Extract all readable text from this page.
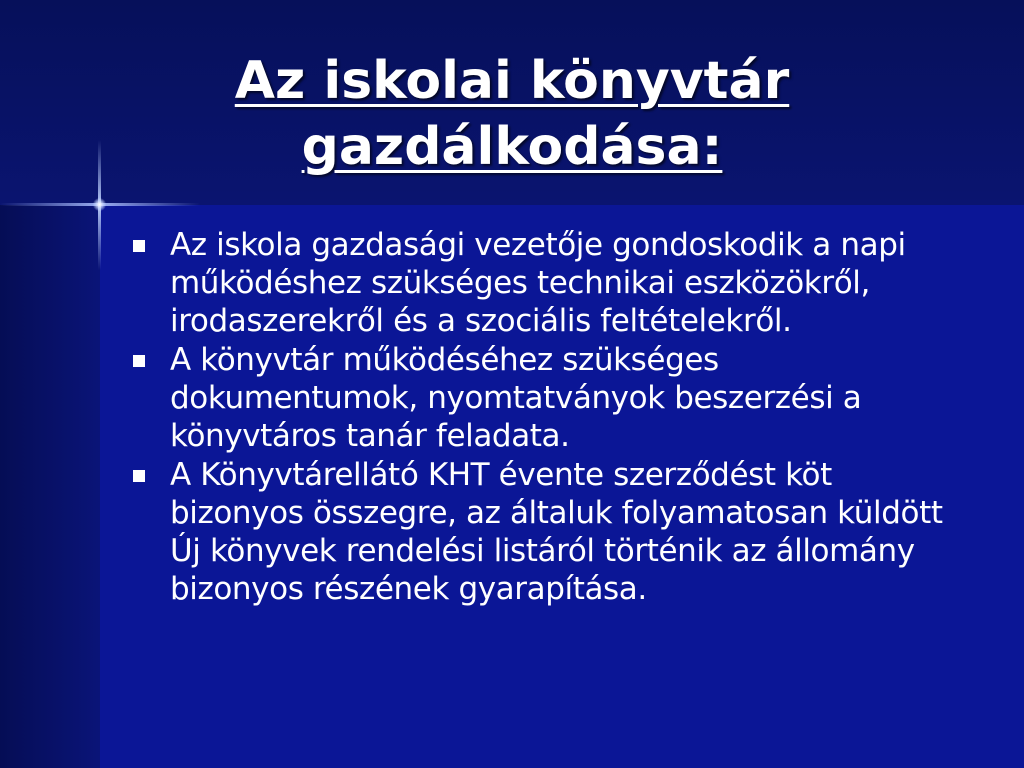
Az iskolai könyvtár
gazdálkodása:
Az iskola gazdasági vezetője gondoskodik a napi működéshez szükséges technikai eszközökről, irodaszerekről és a szociális feltételekről.
A könyvtár működéséhez szükséges dokumentumok, nyomtatványok beszerzési a könyvtáros tanár feladata.
A Könyvtárellátó KHT évente szerződést köt bizonyos összegre, az általuk folyamatosan küldött Új könyvek rendelési listáról történik az állomány bizonyos részének gyarapítása.
